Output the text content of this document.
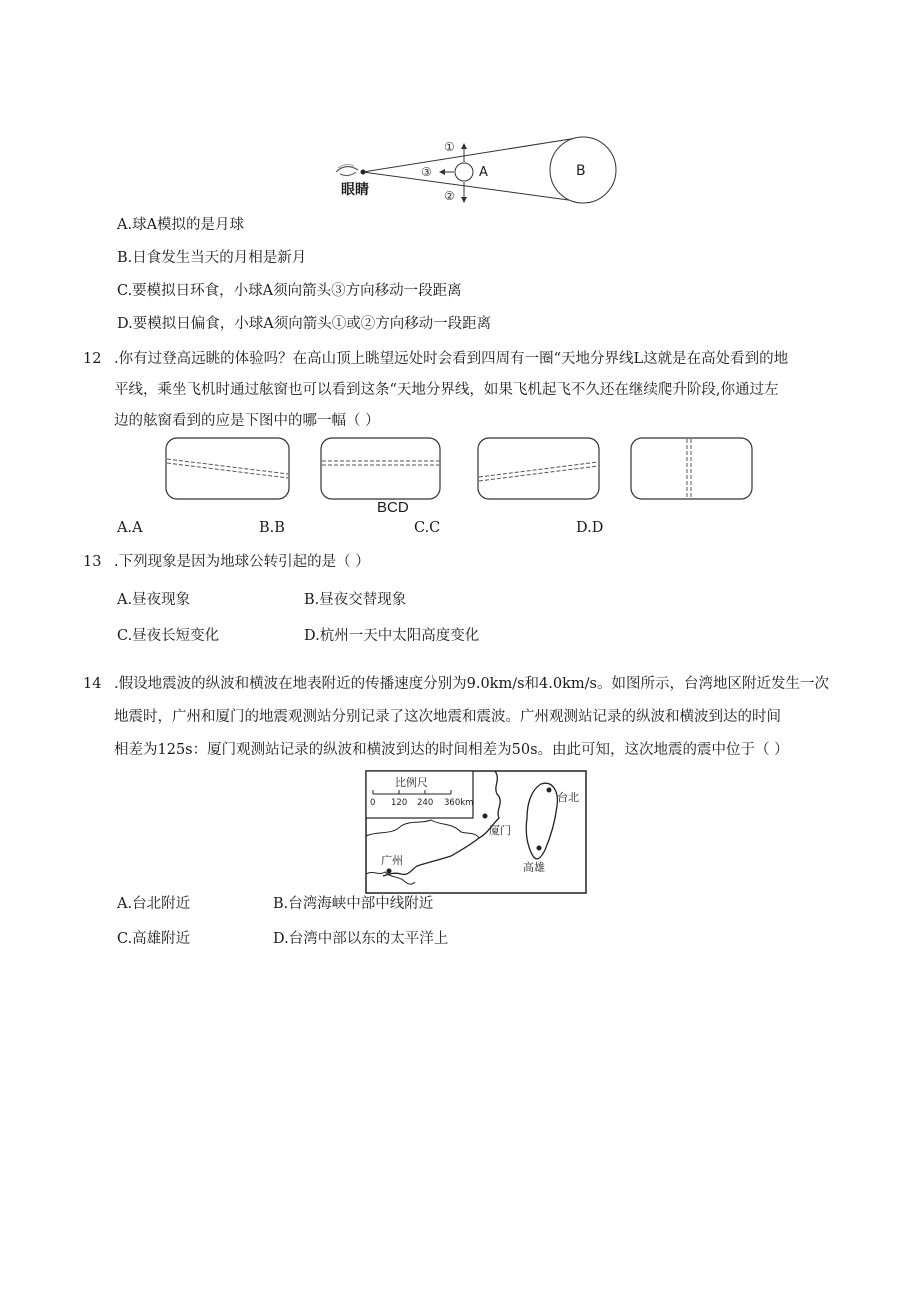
A
①
②
③	B
眼睛
A.球A模拟的是月球
B.日食发生当天的月相是新月
C.要模拟日环食，小球A须向箭头③方向移动一段距离
D.要模拟日偏食，小球A须向箭头①或②方向移动一段距离
12 .你有过登高远眺的体验吗？在高山顶上眺望远处时会看到四周有一圈“天地分界线L这就是在高处看到的地
平线，乘坐飞机时通过舷窗也可以看到这条“天地分界线，如果飞机起飞不久还在继续爬升阶段,你通过左
边的舷窗看到的应是下图中的哪一幅（ ）
BCD
A.A	B.B	C.C	D.D
13 .下列现象是因为地球公转引起的是（ ）
A.昼夜现象	B.昼夜交替现象
C.昼夜长短变化	D.杭州一天中太阳高度变化
14 .假设地震波的纵波和横波在地表附近的传播速度分别为9.0km∕s和4.0km∕s。如图所示，台湾地区附近发生一次
地震时，广州和厦门的地震观测站分别记录了这次地震和震波。广州观测站记录的纵波和横波到达的时间
相差为125s：厦门观测站记录的纵波和横波到达的时间相差为50s。由此可知，这次地震的震中位于（ ）
比例尺
0 120 240 360km	台北
厦门
广州
高雄
A.台北附近	B.台湾海峡中部中线附近
C.高雄附近	D.台湾中部以东的太平洋上
